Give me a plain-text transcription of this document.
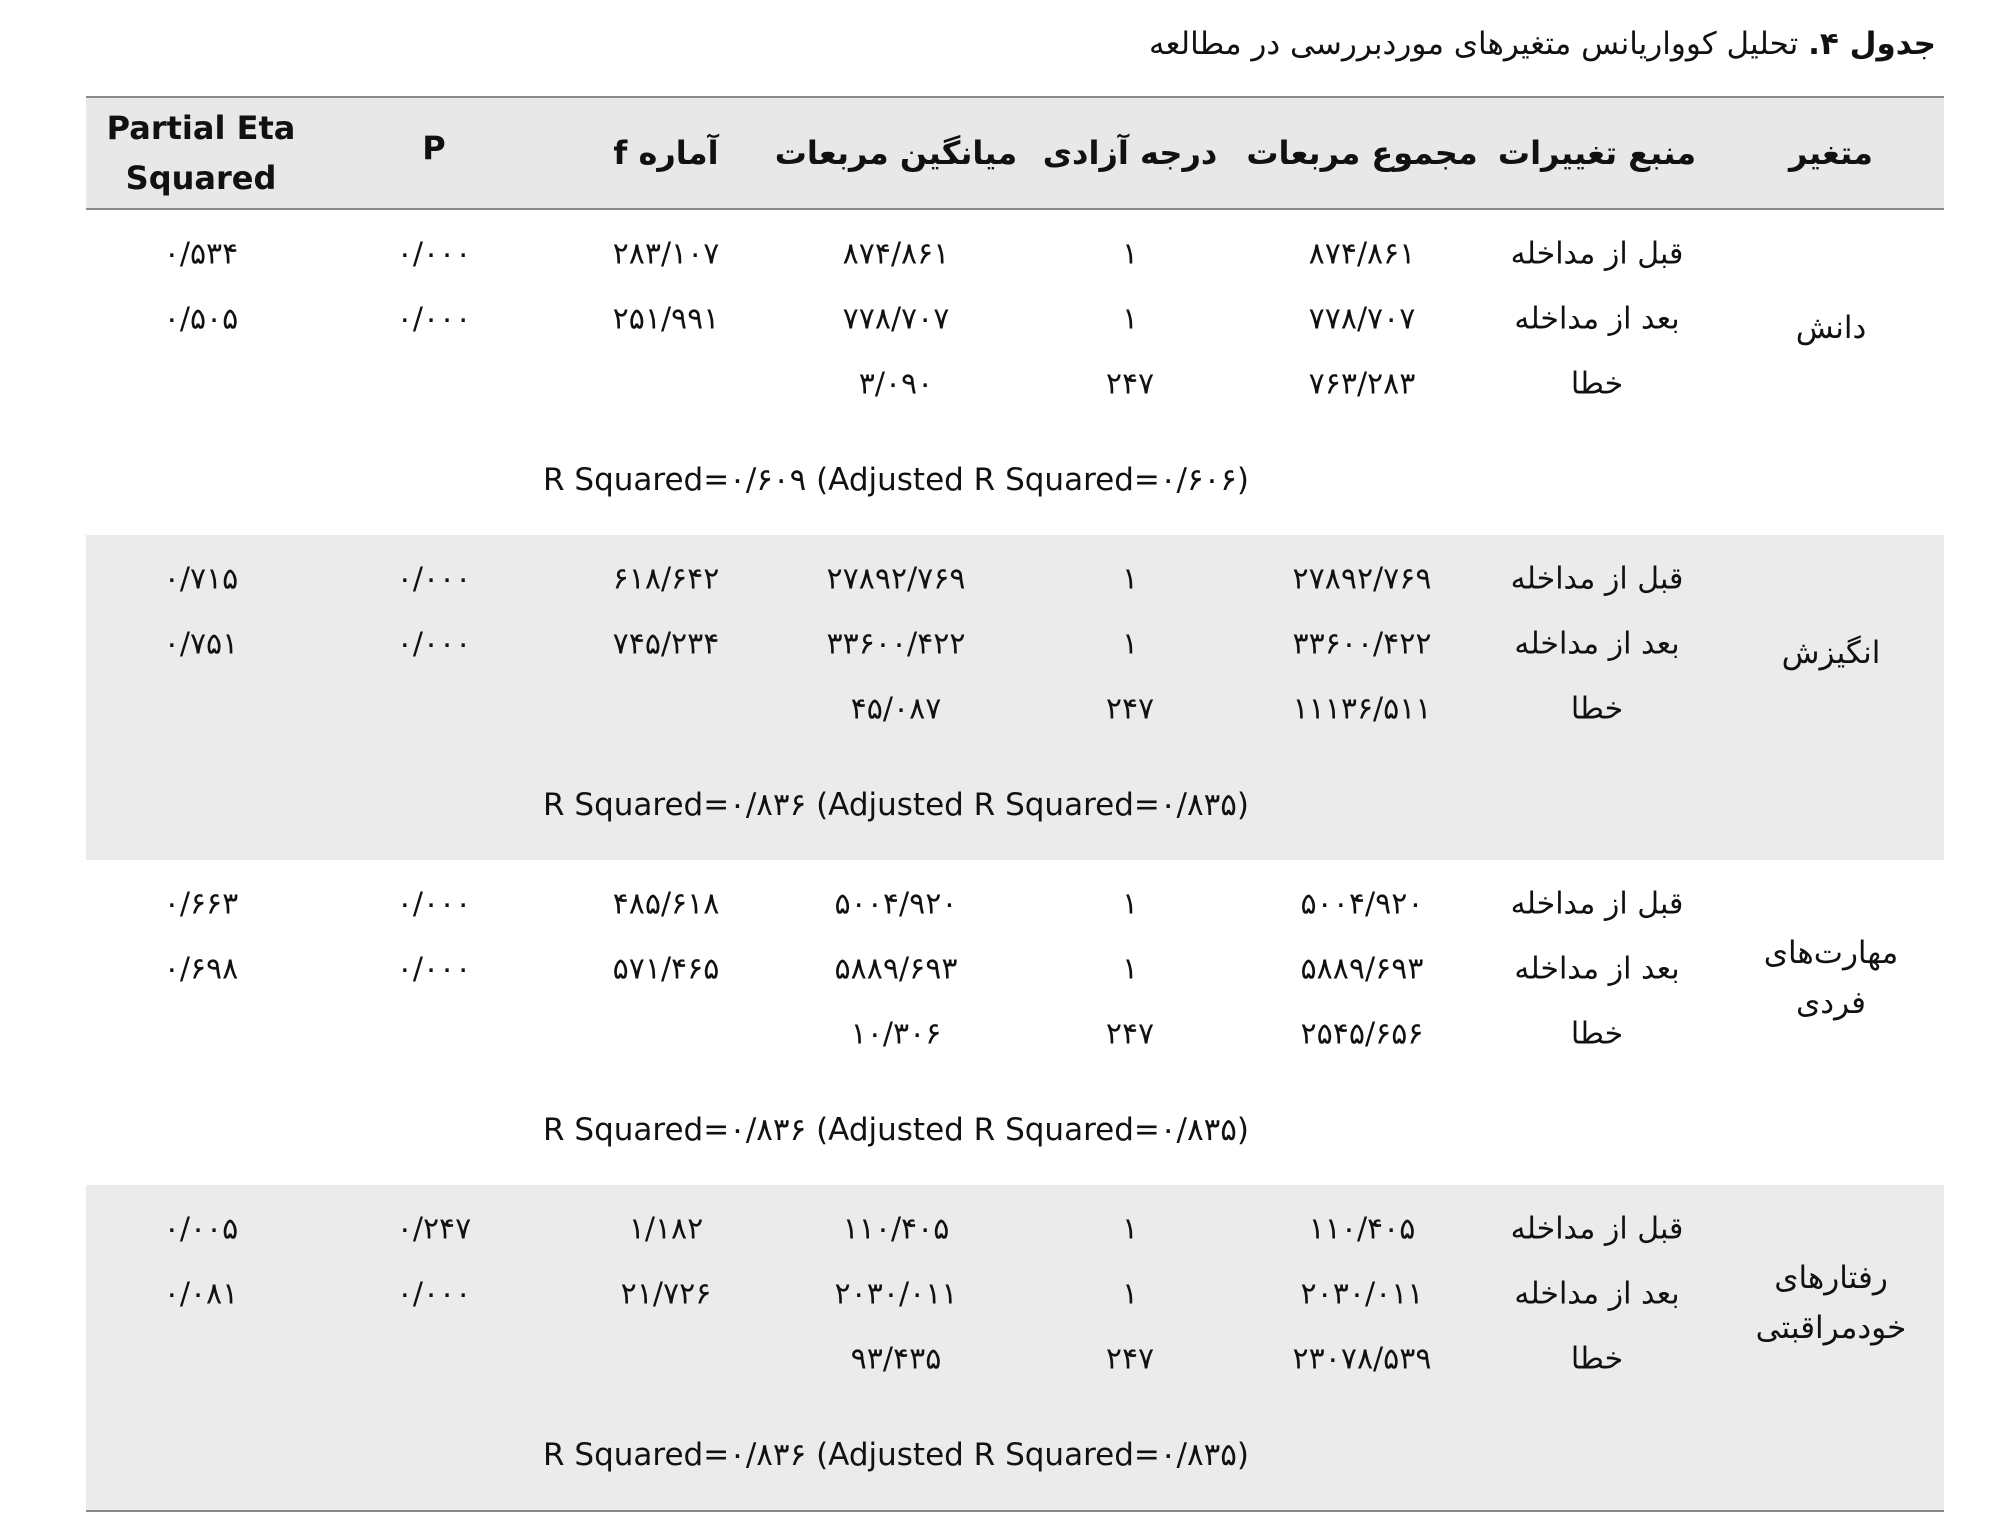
جدول ۴. تحلیل کوواریانس متغیرهای موردبررسی در مطالعه
متغیر
منبع تغییرات
مجموع مربعات
درجه آزادی
میانگین مربعات
آماره f
P
Partial Eta
Squared
دانش
قبل از مداخله
۸۷۴/۸۶۱
۱
۸۷۴/۸۶۱
۲۸۳/۱۰۷
۰/۰۰۰
۰/۵۳۴
بعد از مداخله
۷۷۸/۷۰۷
۱
۷۷۸/۷۰۷
۲۵۱/۹۹۱
۰/۰۰۰
۰/۵۰۵
خطا
۷۶۳/۲۸۳
۲۴۷
۳/۰۹۰
R Squared=۰/۶۰۹ (Adjusted R Squared=۰/۶۰۶)
انگیزش
قبل از مداخله
۲۷۸۹۲/۷۶۹
۱
۲۷۸۹۲/۷۶۹
۶۱۸/۶۴۲
۰/۰۰۰
۰/۷۱۵
بعد از مداخله
۳۳۶۰۰/۴۲۲
۱
۳۳۶۰۰/۴۲۲
۷۴۵/۲۳۴
۰/۰۰۰
۰/۷۵۱
خطا
۱۱۱۳۶/۵۱۱
۲۴۷
۴۵/۰۸۷
R Squared=۰/۸۳۶ (Adjusted R Squared=۰/۸۳۵)
مهارت‌های فردی
قبل از مداخله
۵۰۰۴/۹۲۰
۱
۵۰۰۴/۹۲۰
۴۸۵/۶۱۸
۰/۰۰۰
۰/۶۶۳
بعد از مداخله
۵۸۸۹/۶۹۳
۱
۵۸۸۹/۶۹۳
۵۷۱/۴۶۵
۰/۰۰۰
۰/۶۹۸
خطا
۲۵۴۵/۶۵۶
۲۴۷
۱۰/۳۰۶
R Squared=۰/۸۳۶ (Adjusted R Squared=۰/۸۳۵)
رفتارهای خودمراقبتی
قبل از مداخله
۱۱۰/۴۰۵
۱
۱۱۰/۴۰۵
۱/۱۸۲
۰/۲۴۷
۰/۰۰۵
بعد از مداخله
۲۰۳۰/۰۱۱
۱
۲۰۳۰/۰۱۱
۲۱/۷۲۶
۰/۰۰۰
۰/۰۸۱
خطا
۲۳۰۷۸/۵۳۹
۲۴۷
۹۳/۴۳۵
R Squared=۰/۸۳۶ (Adjusted R Squared=۰/۸۳۵)
